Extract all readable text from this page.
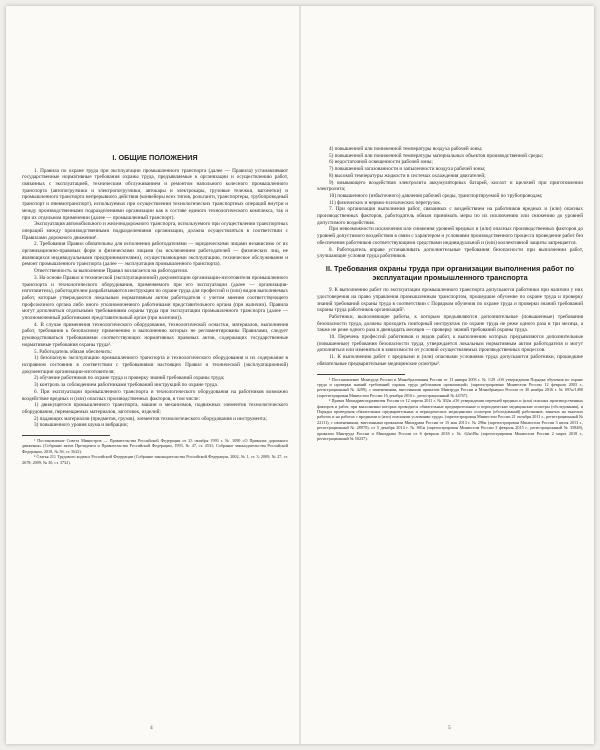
I. ОБЩИЕ ПОЛОЖЕНИЯ

1. Правила по охране труда при эксплуатации промышленного транспорта (далее — Правила) устанавливают государственные нормативные требования охраны труда, предъявляемые к организации и осуществлению работ, связанных с эксплуатацией, техническим обслуживанием и ремонтом напольного колесного промышленного транспорта (автопогрузчики и электропогрузчики, автокары и электрокары, грузовые тележки, вагонетки) и промышленного транспорта непрерывного действия (конвейеры всех типов, рольганги, транспортеры, трубопроводный транспорт и пневмотранспорт), используемых при осуществлении технологических транспортных операций внутри и между производственными подразделениями организации как в составе единого технологического комплекса, так и при их отдельном применении (далее — промышленный транспорт).

Эксплуатация автомобильного и железнодорожного транспорта, используемого при осуществлении транспортных операций между производственными подразделениями организации, должна осуществляться в соответствии с Правилами дорожного движения¹.

2. Требования Правил обязательны для исполнения работодателями — юридическими лицами независимо от их организационно-правовых форм и физическими лицами (за исключением работодателей — физических лиц, не являющихся индивидуальными предпринимателями), осуществляющими эксплуатацию, техническое обслуживание и ремонт промышленного транспорта (далее — эксплуатация промышленного транспорта).

Ответственность за выполнение Правил возлагается на работодателя.

3. На основе Правил и технической (эксплуатационной) документации организации-изготовителя промышленного транспорта и технологического оборудования, применяемого при его эксплуатации (далее — организация-изготовитель), работодателем разрабатываются инструкции по охране труда для профессий и (или) видов выполняемых работ, которые утверждаются локальным нормативным актом работодателя с учетом мнения соответствующего профсоюзного органа либо иного уполномоченного работниками представительного органа (при наличии). Правила могут дополняться отдельными требованиями охраны труда при эксплуатации промышленного транспорта (далее — уполномоченный работниками представительный орган (при наличии)).

4. В случае применения технологического оборудования, технологической оснастки, материалов, выполнения работ, требования к безопасному применению и выполнению которых не регламентированы Правилами, следует руководствоваться требованиями соответствующих нормативных правовых актов, содержащих государственные нормативные требования охраны труда².

5. Работодатель обязан обеспечить:

1) безопасную эксплуатацию промышленного транспорта и технологического оборудования и их содержание в исправном состоянии в соответствии с требованиями настоящих Правил и технической (эксплуатационной) документации организации-изготовителя;

2) обучение работников по охране труда и проверку знаний требований охраны труда;

3) контроль за соблюдением работниками требований инструкций по охране труда.

6. При эксплуатации промышленного транспорта и технологического оборудования на работников возможно воздействие вредных и (или) опасных производственных факторов, в том числе:

1) движущегося промышленного транспорта, машин и механизмов, подвижных элементов технологического оборудования, перемещаемых материалов, заготовок, изделий;

2) падающих материалов (предметов, грузов), элементов технологического оборудования и инструмента;

3) повышенного уровня шума и вибрации;

¹ Постановление Совета Министров — Правительства Российской Федерации от 23 октября 1993 г. № 1090 «О Правилах дорожного движения» (Собрание актов Президента и Правительства Российской Федерации, 1993, № 47, ст. 4531; Собрание законодательства Российской Федерации, 2018, № 36, ст. 5622).

² Статья 211 Трудового кодекса Российской Федерации (Собрание законодательства Российской Федерации, 2002, № 1, ст. 3; 2009, № 27, ст. 2678; 2009, № 30, ст. 3732).

4

4) повышенной или пониженной температуры воздуха рабочей зоны;

5) повышенной или пониженной температуры материальных объектов производственной среды;

6) недостаточной освещенности рабочей зоны;

7) повышенной загазованности и запыленности воздуха рабочей зоны;

8) высокой температуры жидкости в системах охлаждения двигателей;

9) омывающего воздействия электролита аккумуляторных батарей, кислот и щелочей при приготовлении электролита;

10) повышенного (избыточного) давления рабочей среды, транспортируемой по трубопроводам;

11) физических и нервно-психических перегрузок.

7. При организации выполнения работ, связанных с воздействием на работников вредных и (или) опасных производственных факторов, работодатель обязан принимать меры по их исключению или снижению до уровней допустимого воздействия.

При невозможности исключения или снижения уровней вредных и (или) опасных производственных факторов до уровней допустимого воздействия в связи с характером и условиями производственного процесса проведение работ без обеспечения работников соответствующими средствами индивидуальной и (или) коллективной защиты запрещается.

8. Работодатель вправе устанавливать дополнительные требования безопасности при выполнении работ, улучшающие условия труда работников.

II. Требования охраны труда при организации выполнения работ по эксплуатации промышленного транспорта

9. К выполнению работ по эксплуатации промышленного транспорта допускаются работники при наличии у них удостоверения на право управления промышленным транспортом, прошедшие обучение по охране труда и проверку знаний требований охраны труда в соответствии с Порядком обучения по охране труда и проверки знаний требований охраны труда работников организаций¹.

Работники, выполняющие работы, к которым предъявляются дополнительные (повышенные) требования безопасности труда, должны проходить повторный инструктаж по охране труда не реже одного раза в три месяца, а также не реже одного раза в двенадцать месяцев — проверку знаний требований охраны труда.

10. Перечень профессий работников и видов работ, к выполнению которых предъявляются дополнительные (повышенные) требования безопасности труда, утверждается локальным нормативным актом работодателя и могут дополняться или изменяться в зависимости от условий осуществляемых производственных процессов.

11. К выполнению работ с вредными и (или) опасными условиями труда допускаются работники, прошедшие обязательные предварительные медицинские осмотры².

¹ Постановление Минтруда России и Минобразования России от 13 января 2003 г. № 1/29 «Об утверждении Порядка обучения по охране труда и проверки знаний требований охраны труда работников организаций» (зарегистрировано Минюстом России 12 февраля 2003 г., регистрационный № 4209), с изменениями, внесенными приказом Минтруда России и Минобрнауки России от 30 ноября 2016 г. № 697н/1490 (зарегистрирован Минюстом России 16 декабря 2016 г., регистрационный № 44767).

² Приказ Минздравсоцразвития России от 12 апреля 2011 г. № 302н «Об утверждении перечней вредных и (или) опасных производственных факторов и работ, при выполнении которых проводятся обязательные предварительные и периодические медицинские осмотры (обследования), и Порядка проведения обязательных предварительных и периодических медицинских осмотров (обследований) работников, занятых на тяжелых работах и на работах с вредными и (или) опасными условиями труда» (зарегистрирован Минюстом России 21 октября 2011 г., регистрационный № 22111), с изменениями, внесенными приказами Минздрава России от 15 мая 2013 г. № 296н (зарегистрирован Минюстом России 3 июля 2013 г., регистрационный № 28970), от 5 декабря 2014 г. № 801н (зарегистрирован Минюстом России 3 февраля 2015 г., регистрационный № 35848), приказом Минтруда России и Минздрава России от 6 февраля 2018 г. № 62н/49н (зарегистрирован Минюстом России 2 марта 2018 г., регистрационный № 50237).

5
